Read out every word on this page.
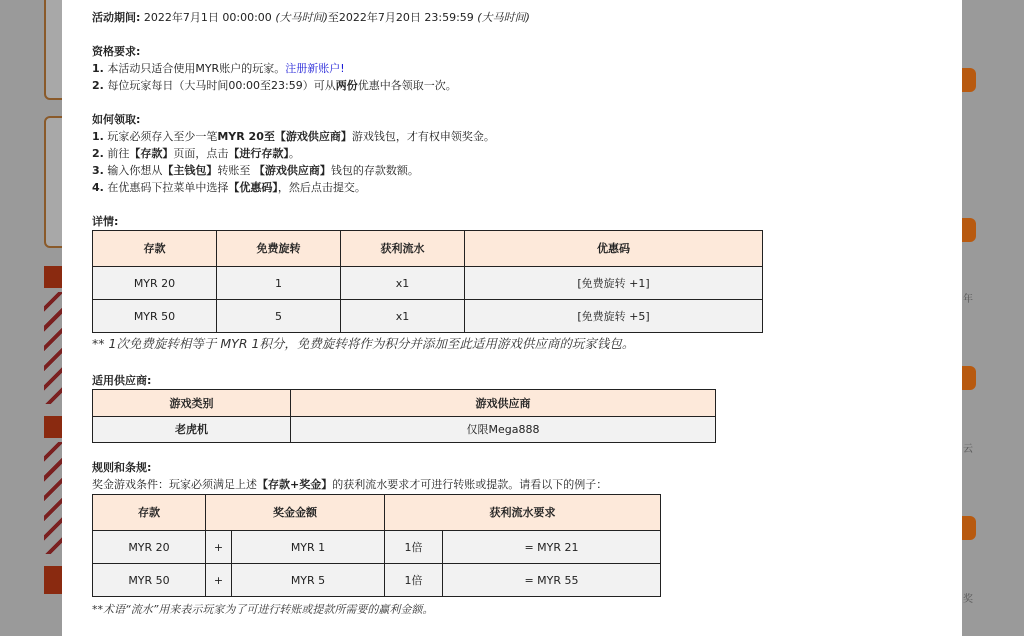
年
云
奖
活动期间: 2022年7月1日 00:00:00 (大马时间)至2022年7月20日 23:59:59 (大马时间)
资格要求:
1. 本活动只适合使用MYR账户的玩家。注册新账户!
2. 每位玩家每日（大马时间00:00至23:59）可从两份优惠中各领取一次。
如何领取:
1. 玩家必须存入至少一笔MYR 20至【游戏供应商】游戏钱包，才有权申领奖金。
2. 前往【存款】页面，点击【进行存款】。
3. 输入你想从【主钱包】转账至 【游戏供应商】钱包的存款数额。
4. 在优惠码下拉菜单中选择【优惠码】，然后点击提交。
详情:
存款	免费旋转	获利流水	优惠码
MYR 20	1	x1	[免费旋转 +1]
MYR 50	5	x1	[免费旋转 +5]
** 1次免费旋转相等于 MYR 1积分，免费旋转将作为积分并添加至此适用游戏供应商的玩家钱包。
适用供应商:
游戏类别	游戏供应商
老虎机	仅限Mega888
规则和条规:
奖金游戏条件：玩家必须满足上述【存款+奖金】的获利流水要求才可进行转账或提款。请看以下的例子：
存款	奖金金额		获利流水要求	
MYR 20	+	MYR 1	1倍	= MYR 21
MYR 50	+	MYR 5	1倍	= MYR 55
**术语“流水”用来表示玩家为了可进行转账或提款所需要的赢利金额。
